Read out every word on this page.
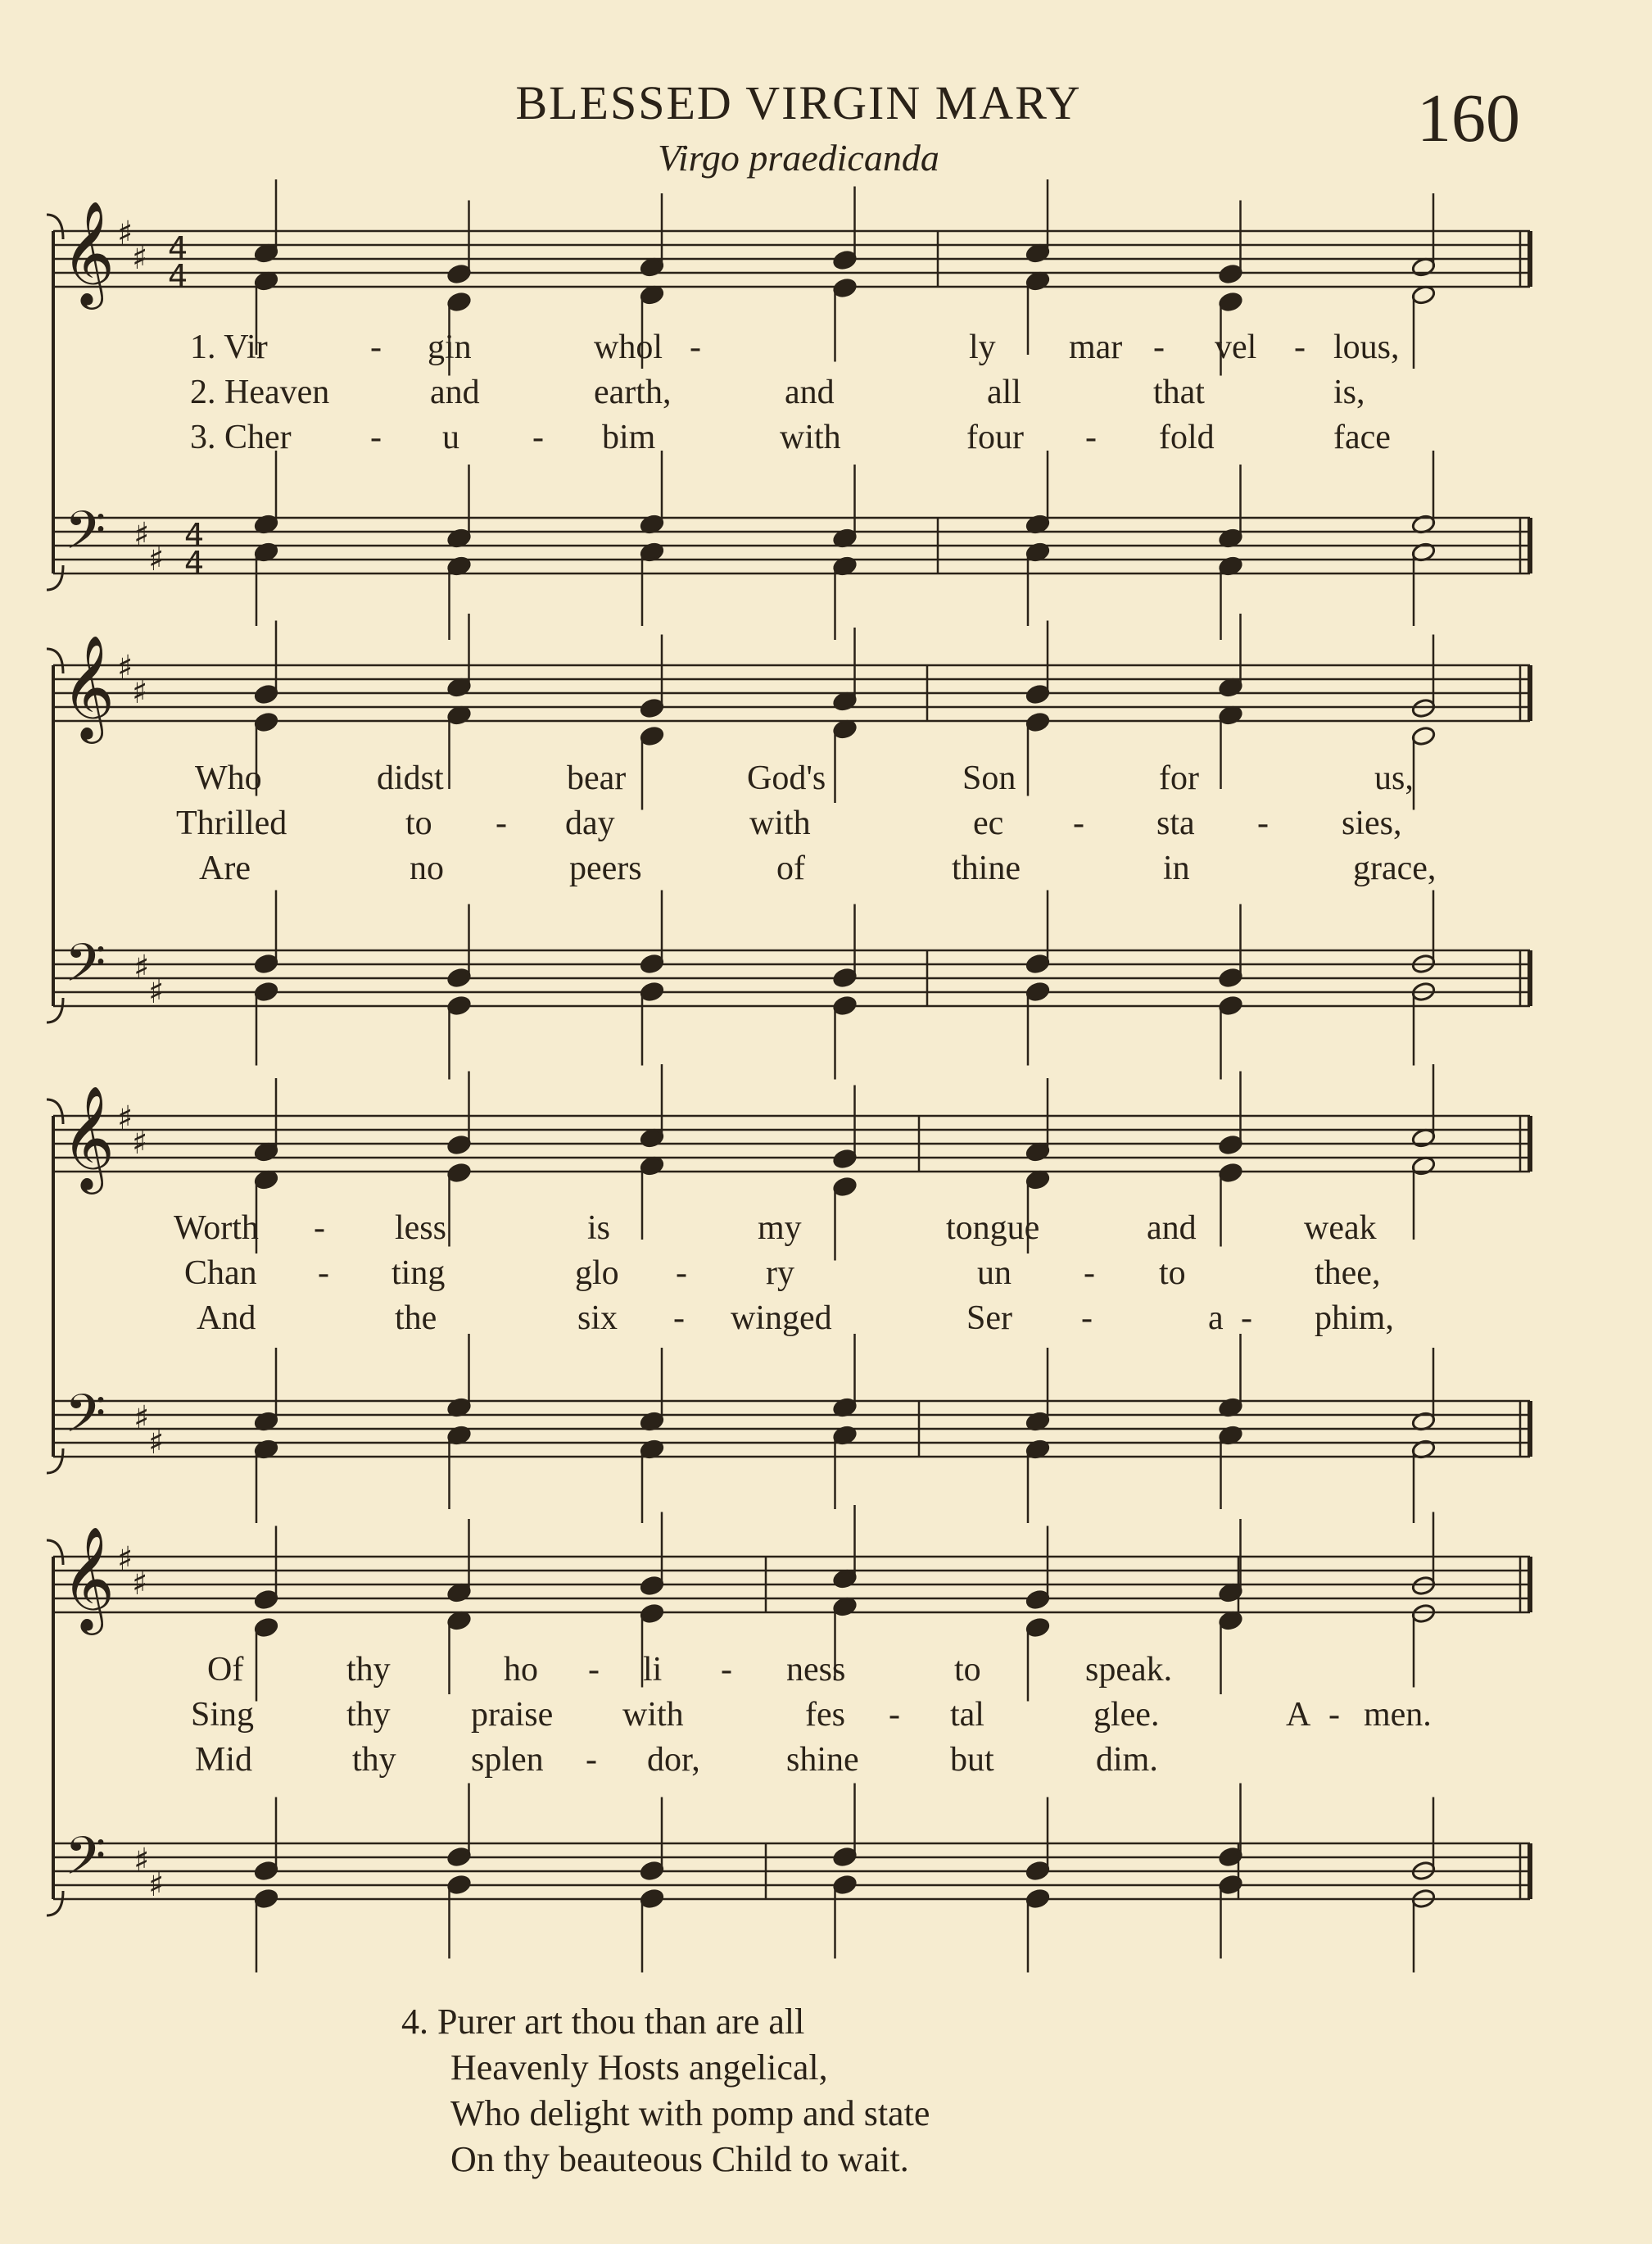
BLESSED VIRGIN MARY
Virgo praedicanda
160
𝄞
𝄢
♯
♯
♯
♯
4
4
4
4
𝄞
𝄢
♯
♯
♯
♯
𝄞
𝄢
♯
♯
♯
♯
𝄞
𝄢
♯
♯
♯
♯
1. Vir	- gin	whol -	ly mar - vel - lous,
2. Heaven	and	earth,	and	all	that	is,
3. Cher - u - bim	with	four - fold	face
Who	didst	bear	God's	Son	for	us,
Thrilled	to - day	with	ec - sta - sies,
Are	no	peers	of	thine	in	grace,
Worth - less	is	my	tongue	and	weak
Chan - ting	glo - ry	un - to	thee,
And	the	six - winged	Ser -	a - phim,
Of	thy	ho - li - ness	to	speak.
Sing	thy praise with	fes - tal	glee.	A - men.
Mid	thy splen - dor,	shine	but	dim.
4. Purer art thou than are all
Heavenly Hosts angelical,
Who delight with pomp and state
On thy beauteous Child to wait.
